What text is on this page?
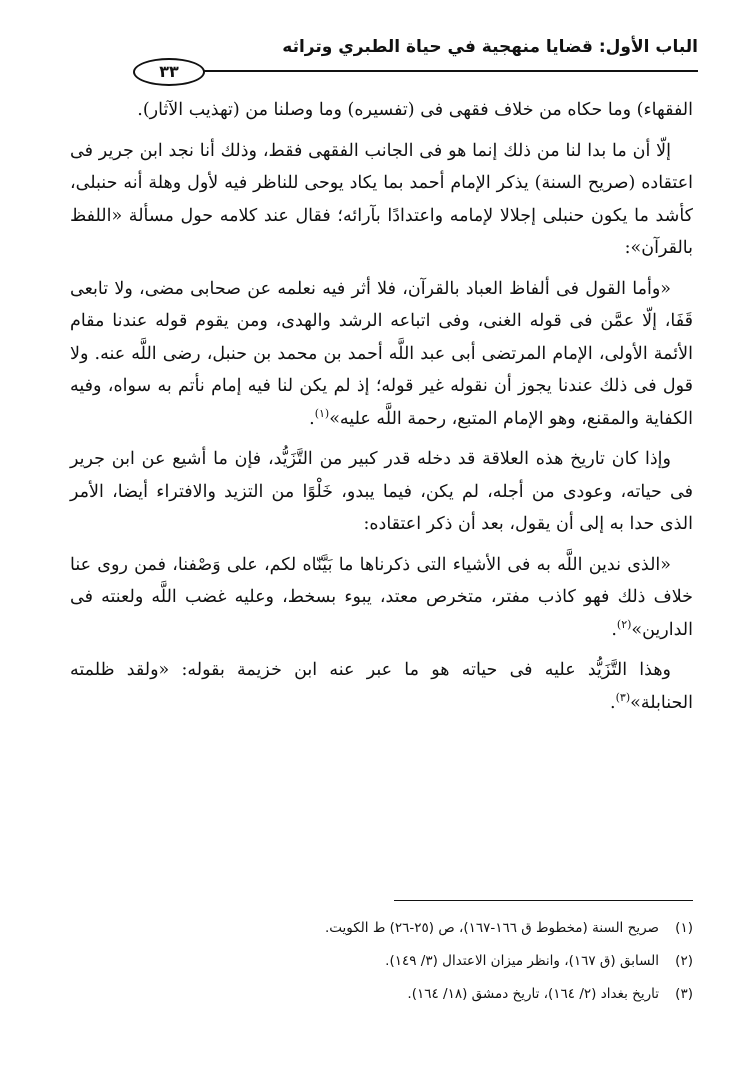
الباب الأول: قضايا منهجية في حياة الطبري وتراثه
٣٣

الفقهاء) وما حكاه من خلاف فقهى فى (تفسيره) وما وصلنا من (تهذيب الآثار).

إلّا أن ما بدا لنا من ذلك إنما هو فى الجانب الفقهى فقط، وذلك أنا نجد ابن جرير فى اعتقاده (صريح السنة) يذكر الإمام أحمد بما يكاد يوحى للناظر فيه لأول وهلة أنه حنبلى، كأشد ما يكون حنبلى إجلالا لإمامه واعتدادًا بآرائه؛ فقال عند كلامه حول مسألة «اللفظ بالقرآن»:

«وأما القول فى ألفاظ العباد بالقرآن، فلا أثر فيه نعلمه عن صحابى مضى، ولا تابعى قَفَا، إلّا عمَّن فى قوله الغنى، وفى اتباعه الرشد والهدى، ومن يقوم قوله عندنا مقام الأئمة الأولى، الإمام المرتضى أبى عبد اللَّه أحمد بن محمد بن حنبل، رضى اللَّه عنه. ولا قول فى ذلك عندنا يجوز أن نقوله غير قوله؛ إذ لم يكن لنا فيه إمام نأتم به سواه، وفيه الكفاية والمقنع، وهو الإمام المتبع، رحمة اللَّه عليه»$^{(١)}$.

وإذا كان تاريخ هذه العلاقة قد دخله قدر كبير من التَّزَيُّد، فإن ما أشيع عن ابن جرير فى حياته، وعودى من أجله، لم يكن، فيما يبدو، خَلْوًا من التزيد والافتراء أيضا، الأمر الذى حدا به إلى أن يقول، بعد أن ذكر اعتقاده:

«الذى ندين اللَّه به فى الأشياء التى ذكرناها ما بَيَّنّاه لكم، على وَصْفنا، فمن روى عنا خلاف ذلك فهو كاذب مفتر، متخرص معتد، يبوء بسخط، وعليه غضب اللَّه ولعنته فى الدارين»$^{(٢)}$.

وهذا التَّزَيُّد عليه فى حياته هو ما عبر عنه ابن خزيمة بقوله: «ولقد ظلمته الحنابلة»$^{(٣)}$.

(١)صريح السنة (مخطوط ق ١٦٦-١٦٧)، ص (٢٥-٢٦) ط الكويت.
(٢)السابق (ق ١٦٧)، وانظر ميزان الاعتدال (٣/ ١٤٩).
(٣)تاريخ بغداد (٢/ ١٦٤)، تاريخ دمشق (١٨/ ١٦٤).
